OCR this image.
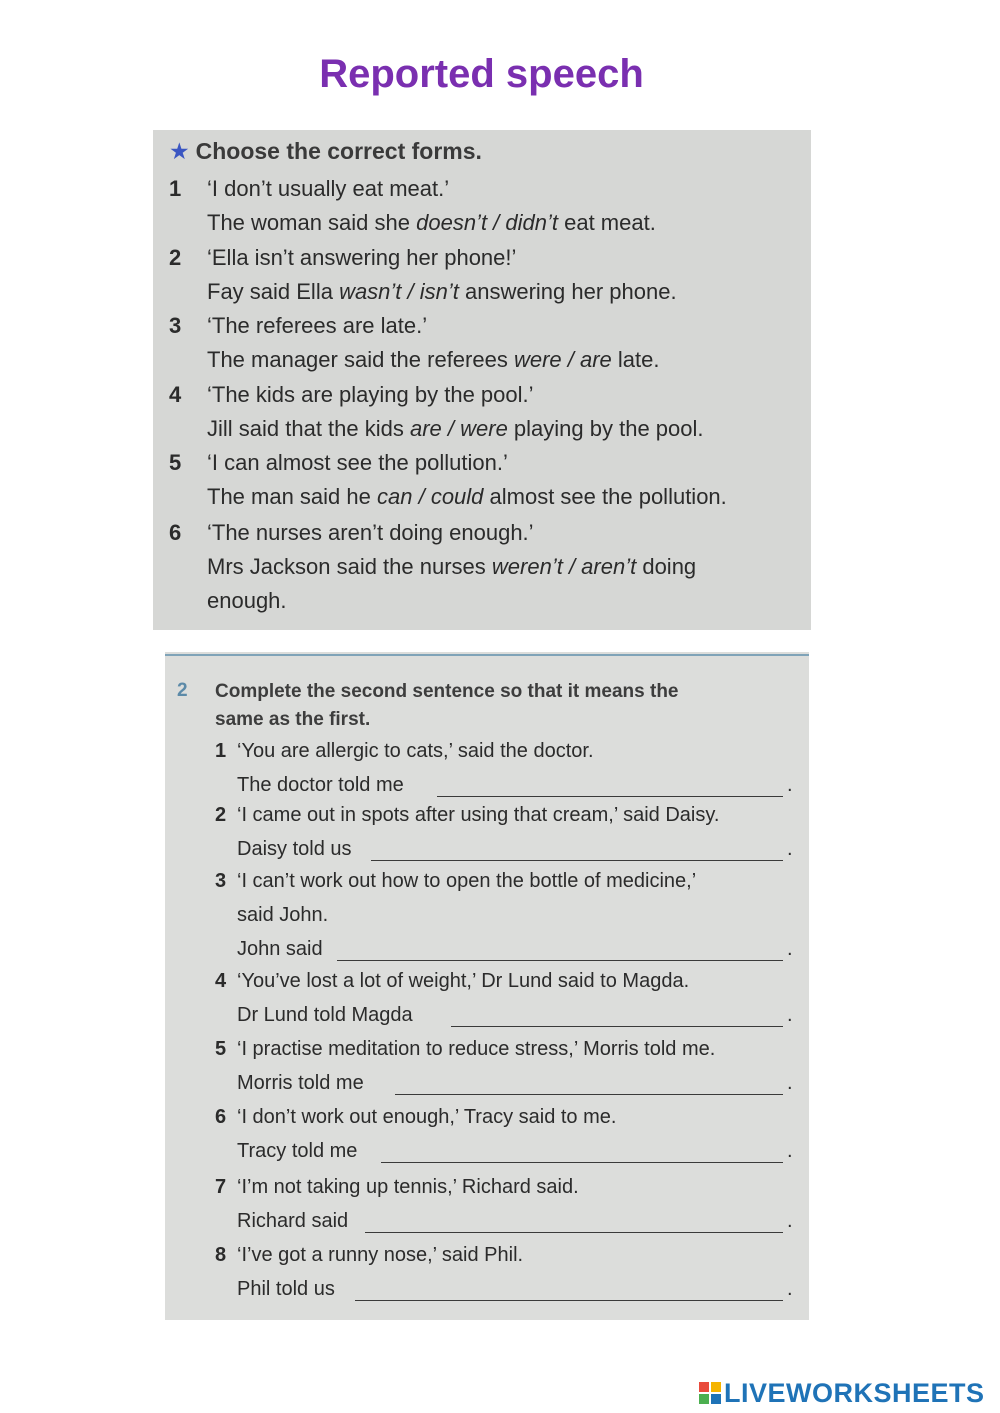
Reported speech
★ Choose the correct forms.
1 ‘I don’t usually eat meat.’
The woman said she doesn’t / didn’t eat meat.
2 ‘Ella isn’t answering her phone!’
Fay said Ella wasn’t / isn’t answering her phone.
3 ‘The referees are late.’
The manager said the referees were / are late.
4 ‘The kids are playing by the pool.’
Jill said that the kids are / were playing by the pool.
5 ‘I can almost see the pollution.’
The man said he can / could almost see the pollution.
6 ‘The nurses aren’t doing enough.’
Mrs Jackson said the nurses weren’t / aren’t doing
enough.
2 Complete the second sentence so that it means the
same as the first.
1 ‘You are allergic to cats,’ said the doctor.
The doctor told me	.
2 ‘I came out in spots after using that cream,’ said Daisy.
Daisy told us	.
3 ‘I can’t work out how to open the bottle of medicine,’
said John.
John said	.
4 ‘You’ve lost a lot of weight,’ Dr Lund said to Magda.
Dr Lund told Magda	.
5 ‘I practise meditation to reduce stress,’ Morris told me.
Morris told me	.
6 ‘I don’t work out enough,’ Tracy said to me.
Tracy told me	.
7 ‘I’m not taking up tennis,’ Richard said.
Richard said	.
8 ‘I’ve got a runny nose,’ said Phil.
Phil told us	.
LIVEWORKSHEETS
